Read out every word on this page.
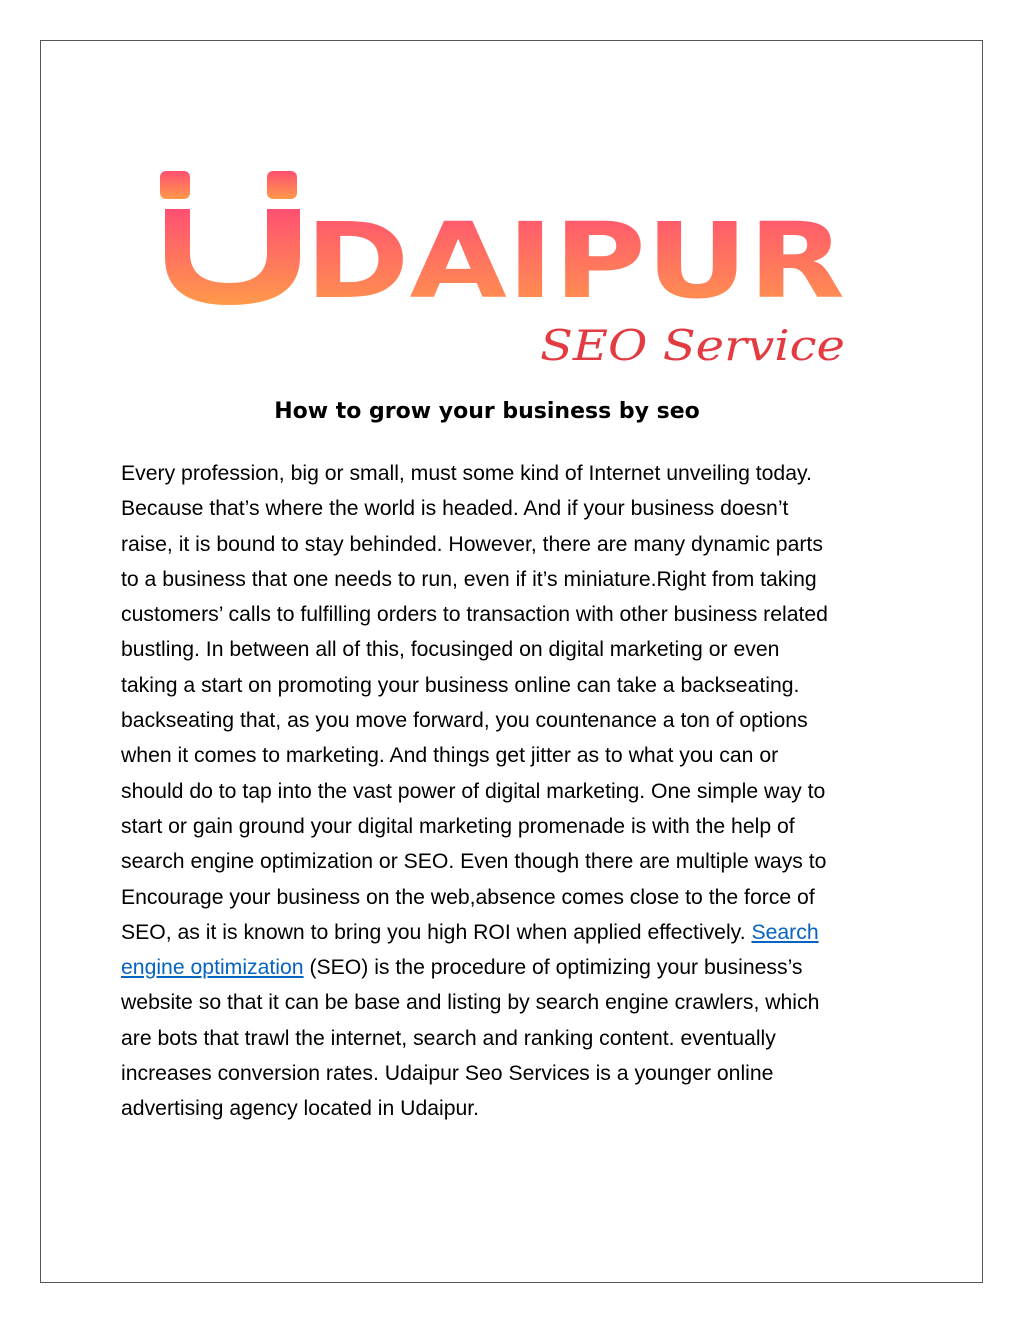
DAIPUR
SEO Service
How to grow your business by seo

Every profession, big or small, must some kind of Internet unveiling today.
Because that’s where the world is headed. And if your business doesn’t
raise, it is bound to stay behinded. However, there are many dynamic parts
to a business that one needs to run, even if it’s miniature.Right from taking
customers’ calls to fulfilling orders to transaction with other business related
bustling. In between all of this, focusinged on digital marketing or even
taking a start on promoting your business online can take a backseating.
backseating that, as you move forward, you countenance a ton of options
when it comes to marketing. And things get jitter as to what you can or
should do to tap into the vast power of digital marketing. One simple way to
start or gain ground your digital marketing promenade is with the help of
search engine optimization or SEO. Even though there are multiple ways to
Encourage your business on the web,absence comes close to the force of
SEO, as it is known to bring you high ROI when applied effectively. Search
engine optimization (SEO) is the procedure of optimizing your business’s
website so that it can be base and listing by search engine crawlers, which
are bots that trawl the internet, search and ranking content. eventually
increases conversion rates. Udaipur Seo Services is a younger online
advertising agency located in Udaipur.
